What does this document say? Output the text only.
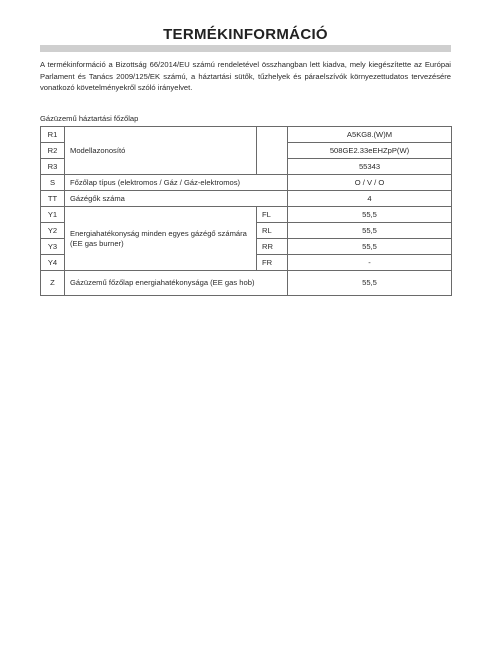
TERMÉKINFORMÁCIÓ
A termékinformáció a Bizottság 66/2014/EU számú rendeletével összhangban lett kiadva, mely kiegészítette az Európai Parlament és Tanács 2009/125/EK számú, a háztartási sütők, tűzhelyek és páraelszívók környezettudatos tervezésére vonatkozó követelményekről szóló irányelvet.
Gázüzemű háztartási főzőlap
R1	Modellazonosító		A5KG8.(W)M
R2			508GE2.33eEHZpP(W)
R3			55343
S	Főzőlap típus (elektromos / Gáz / Gáz-elektromos)		O / V / O
TT	Gázégők száma		4
Y1	Energiahatékonyság minden egyes gázégő számára (EE gas burner)	FL	55,5
Y2		RL	55,5
Y3		RR	55,5
Y4		FR	-
Z	Gázüzemű főzőlap energiahatékonysága (EE gas hob)		55,5
